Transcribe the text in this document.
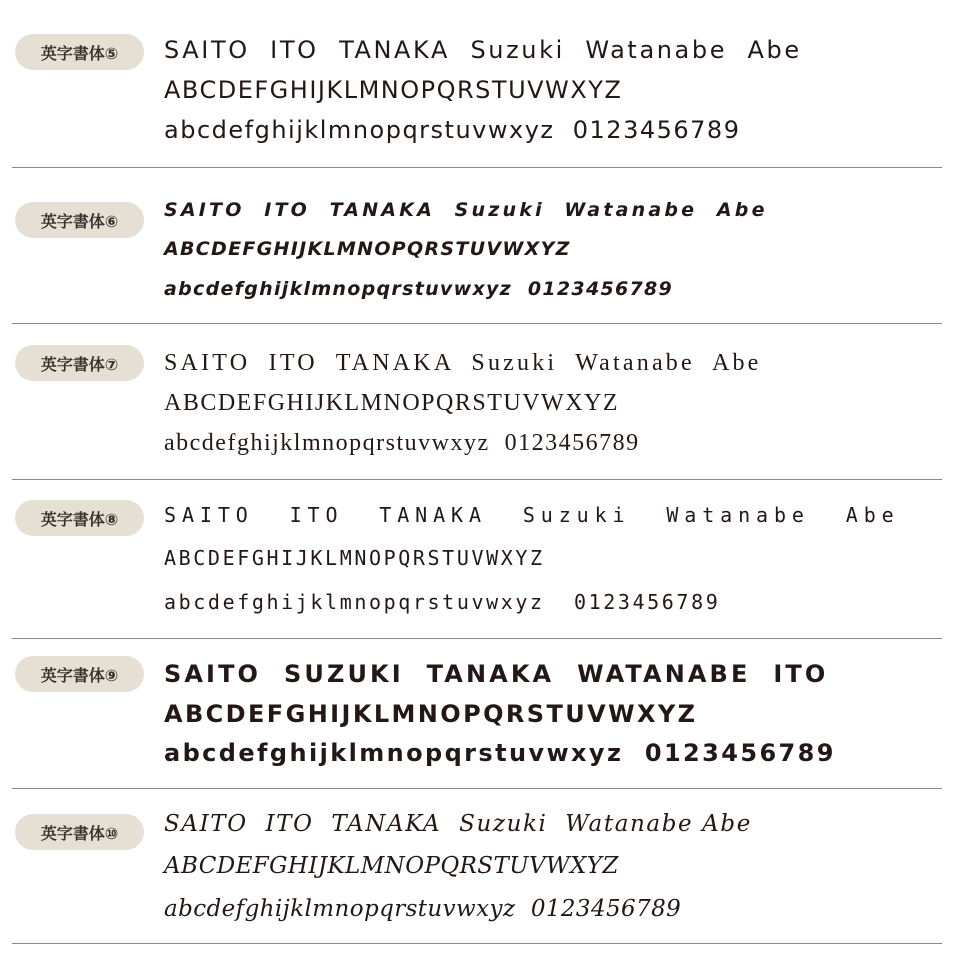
英字書体⑤	SAITO  ITO  TANAKA  Suzuki  Watanabe  Abe
ABCDEFGHIJKLMNOPQRSTUVWXYZ
abcdefghijklmnopqrstuvwxyz  0123456789
英字書体⑥	SAITO  ITO  TANAKA  Suzuki  Watanabe  Abe
ABCDEFGHIJKLMNOPQRSTUVWXYZ
abcdefghijklmnopqrstuvwxyz  0123456789
英字書体⑦	SAITO  ITO  TANAKA  Suzuki  Watanabe  Abe
ABCDEFGHIJKLMNOPQRSTUVWXYZ
abcdefghijklmnopqrstuvwxyz  0123456789
英字書体⑧	SAITO  ITO  TANAKA  Suzuki  Watanabe  Abe
ABCDEFGHIJKLMNOPQRSTUVWXYZ
abcdefghijklmnopqrstuvwxyz  0123456789
英字書体⑨	SAITO  SUZUKI  TANAKA  WATANABE  ITO
ABCDEFGHIJKLMNOPQRSTUVWXYZ
abcdefghijklmnopqrstuvwxyz  0123456789
英字書体⑩	SAITO  ITO  TANAKA  Suzuki  Watanabe Abe
ABCDEFGHIJKLMNOPQRSTUVWXYZ
abcdefghijklmnopqrstuvwxyz  0123456789
